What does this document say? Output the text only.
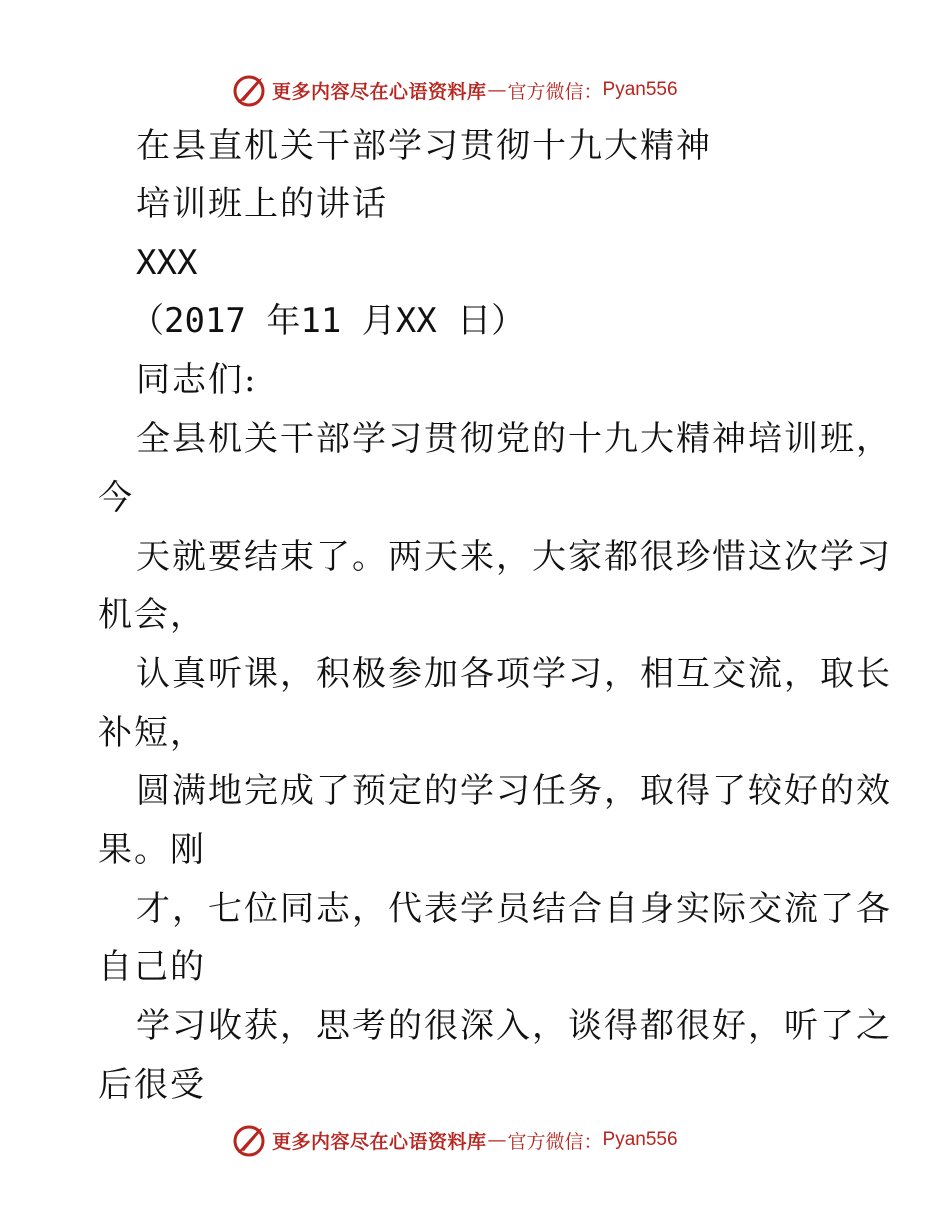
更多内容尽在心语资料库 — 官方微信： Pyan556
在县直机关干部学习贯彻十九大精神
培训班上的讲话
XXX
（2017 年11 月XX 日）
同志们:
全县机关干部学习贯彻党的十九大精神培训班，
今
天就要结束了。两天来，大家都很珍惜这次学习
机会，
认真听课，积极参加各项学习，相互交流，取长
补短，
圆满地完成了预定的学习任务，取得了较好的效
果。刚
才，七位同志，代表学员结合自身实际交流了各
自己的
学习收获，思考的很深入，谈得都很好，听了之
后很受
更多内容尽在心语资料库 — 官方微信： Pyan556
